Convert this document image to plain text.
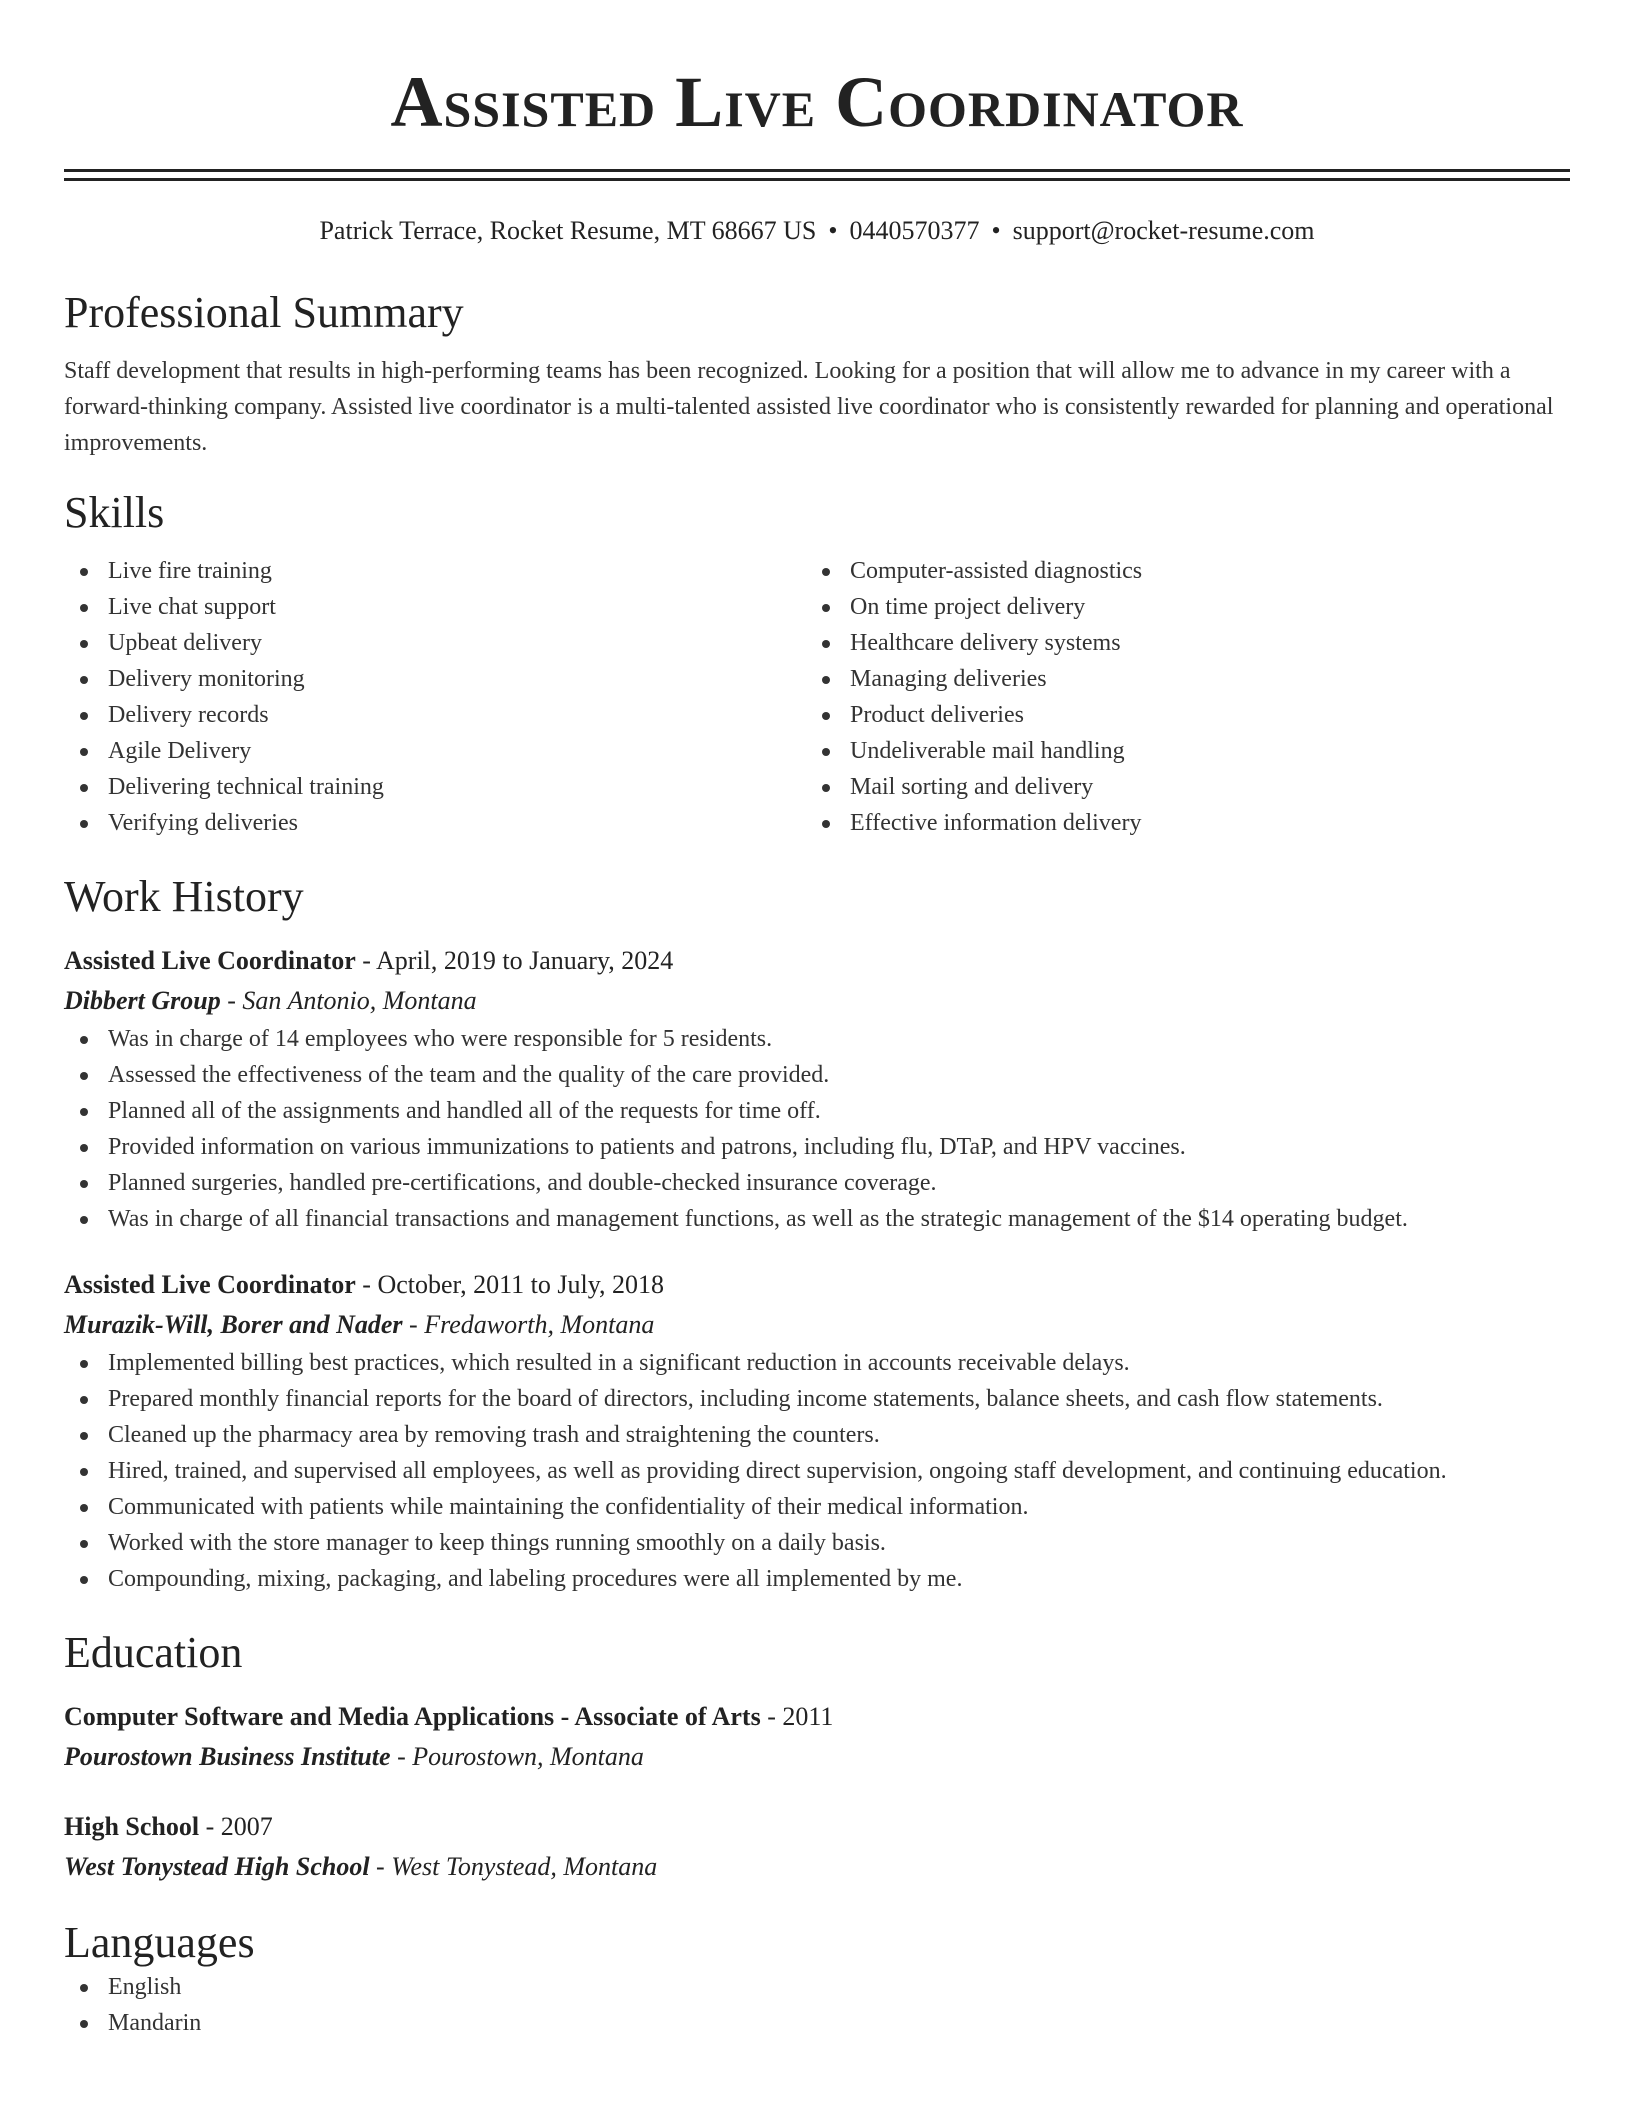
Assisted Live Coordinator
Patrick Terrace, Rocket Resume, MT 68667 US • 0440570377 • support@rocket-resume.com
Professional Summary

Staff development that results in high-performing teams has been recognized. Looking for a position that will allow me to advance in my career with a forward-thinking company. Assisted live coordinator is a multi-talented assisted live coordinator who is consistently rewarded for planning and operational improvements.

Skills
Live fire training
Live chat support
Upbeat delivery
Delivery monitoring
Delivery records
Agile Delivery
Delivering technical training
Verifying deliveries
Computer-assisted diagnostics
On time project delivery
Healthcare delivery systems
Managing deliveries
Product deliveries
Undeliverable mail handling
Mail sorting and delivery
Effective information delivery
Work History
Assisted Live Coordinator - April, 2019 to January, 2024
Dibbert Group - San Antonio, Montana
Was in charge of 14 employees who were responsible for 5 residents.
Assessed the effectiveness of the team and the quality of the care provided.
Planned all of the assignments and handled all of the requests for time off.
Provided information on various immunizations to patients and patrons, including flu, DTaP, and HPV vaccines.
Planned surgeries, handled pre-certifications, and double-checked insurance coverage.
Was in charge of all financial transactions and management functions, as well as the strategic management of the $14 operating budget.
Assisted Live Coordinator - October, 2011 to July, 2018
Murazik-Will, Borer and Nader - Fredaworth, Montana
Implemented billing best practices, which resulted in a significant reduction in accounts receivable delays.
Prepared monthly financial reports for the board of directors, including income statements, balance sheets, and cash flow statements.
Cleaned up the pharmacy area by removing trash and straightening the counters.
Hired, trained, and supervised all employees, as well as providing direct supervision, ongoing staff development, and continuing education.
Communicated with patients while maintaining the confidentiality of their medical information.
Worked with the store manager to keep things running smoothly on a daily basis.
Compounding, mixing, packaging, and labeling procedures were all implemented by me.
Education
Computer Software and Media Applications - Associate of Arts - 2011
Pourostown Business Institute - Pourostown, Montana
High School - 2007
West Tonystead High School - West Tonystead, Montana
Languages
English
Mandarin
